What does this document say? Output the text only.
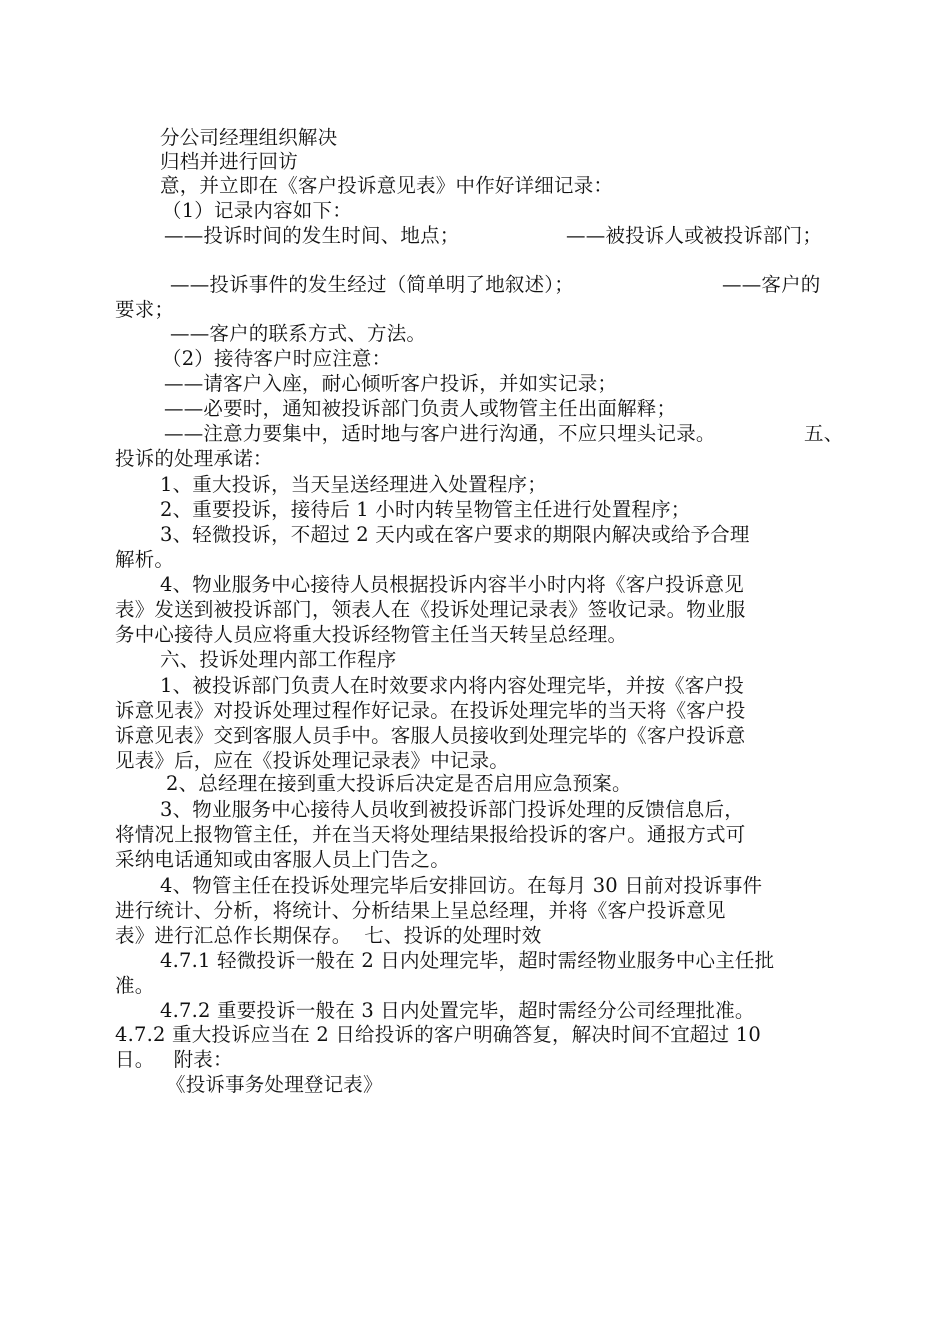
分公司经理组织解决
归档并进行回访
意，并立即在《客户投诉意见表》中作好详细记录：
（1）记录内容如下：
——投诉时间的发生时间、地点；	——被投诉人或被投诉部门；
——投诉事件的发生经过（简单明了地叙述）；	——客户的
要求；
——客户的联系方式、方法。
（2）接待客户时应注意：
——请客户入座，耐心倾听客户投诉，并如实记录；
——必要时，通知被投诉部门负责人或物管主任出面解释；
——注意力要集中，适时地与客户进行沟通，不应只埋头记录。	五、
投诉的处理承诺：
1、重大投诉，当天呈送经理进入处置程序；
2、重要投诉，接待后 1 小时内转呈物管主任进行处置程序；
3、轻微投诉，不超过 2 天内或在客户要求的期限内解决或给予合理
解析。
4、物业服务中心接待人员根据投诉内容半小时内将《客户投诉意见
表》发送到被投诉部门，领表人在《投诉处理记录表》签收记录。物业服
务中心接待人员应将重大投诉经物管主任当天转呈总经理。
六、投诉处理内部工作程序
1、被投诉部门负责人在时效要求内将内容处理完毕，并按《客户投
诉意见表》对投诉处理过程作好记录。在投诉处理完毕的当天将《客户投
诉意见表》交到客服人员手中。客服人员接收到处理完毕的《客户投诉意
见表》后，应在《投诉处理记录表》中记录。
2、总经理在接到重大投诉后决定是否启用应急预案。
3、物业服务中心接待人员收到被投诉部门投诉处理的反馈信息后，
将情况上报物管主任，并在当天将处理结果报给投诉的客户。通报方式可
采纳电话通知或由客服人员上门告之。
4、物管主任在投诉处理完毕后安排回访。在每月 30 日前对投诉事件
进行统计、分析，将统计、分析结果上呈总经理，并将《客户投诉意见
表》进行汇总作长期保存。  七、投诉的处理时效
4.7.1 轻微投诉一般在 2 日内处理完毕，超时需经物业服务中心主任批
准。
4.7.2 重要投诉一般在 3 日内处置完毕，超时需经分公司经理批准。
4.7.2 重大投诉应当在 2 日给投诉的客户明确答复，解决时间不宜超过 10
日。   附表：
《投诉事务处理登记表》
